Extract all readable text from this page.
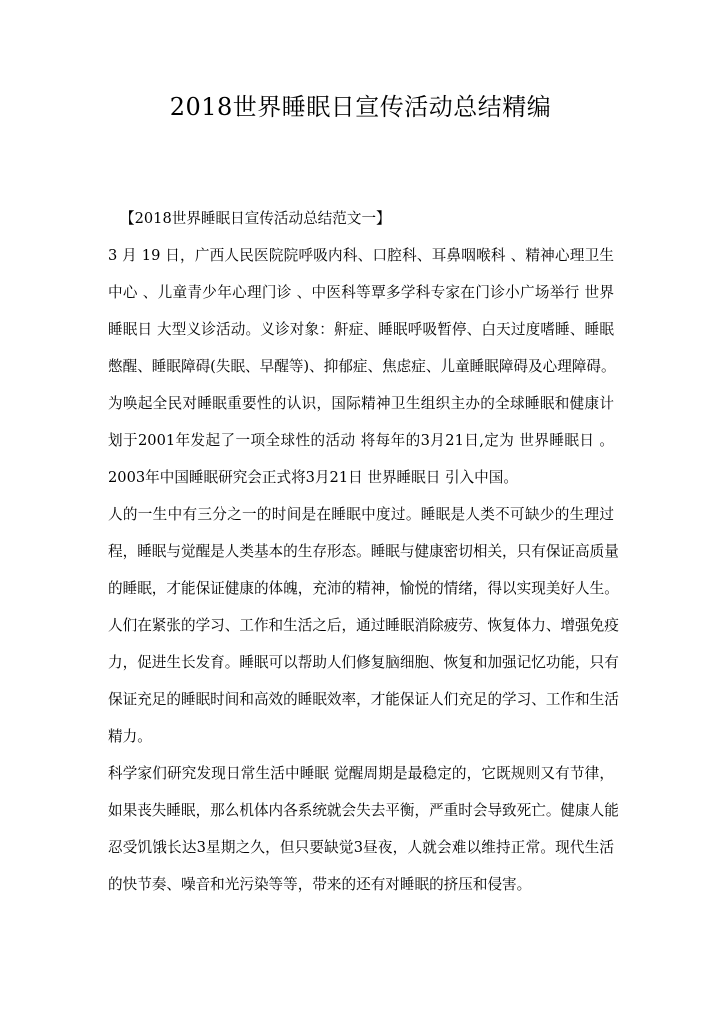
2018世界睡眠日宣传活动总结精编
【2018世界睡眠日宣传活动总结范文一】
3 月 19 日，广西人民医院院呼吸内科、口腔科、耳鼻咽喉科 、精神心理卫生
中心 、儿童青少年心理门诊 、中医科等覃多学科专家在门诊小广场举行 世界
睡眠日 大型义诊活动。义诊对象：鼾症、睡眠呼吸暂停、白天过度嗜睡、睡眠
憋醒、睡眠障碍(失眠、早醒等)、抑郁症、焦虑症、儿童睡眠障碍及心理障碍。
为唤起全民对睡眠重要性的认识，国际精神卫生组织主办的全球睡眠和健康计
划于2001年发起了一项全球性的活动 将每年的3月21日,定为 世界睡眠日 。
2003年中国睡眠研究会正式将3月21日 世界睡眠日 引入中国。
人的一生中有三分之一的时间是在睡眠中度过。睡眠是人类不可缺少的生理过
程，睡眠与觉醒是人类基本的生存形态。睡眠与健康密切相关，只有保证高质量
的睡眠，才能保证健康的体魄，充沛的精神，愉悦的情绪，得以实现美好人生。
人们在紧张的学习、工作和生活之后，通过睡眠消除疲劳、恢复体力、增强免疫
力，促进生长发育。睡眠可以帮助人们修复脑细胞、恢复和加强记忆功能，只有
保证充足的睡眠时间和高效的睡眠效率，才能保证人们充足的学习、工作和生活
精力。
科学家们研究发现日常生活中睡眠 觉醒周期是最稳定的，它既规则又有节律，
如果丧失睡眠，那么机体内各系统就会失去平衡，严重时会导致死亡。健康人能
忍受饥饿长达3星期之久，但只要缺觉3昼夜，人就会难以维持正常。现代生活
的快节奏、噪音和光污染等等，带来的还有对睡眠的挤压和侵害。
